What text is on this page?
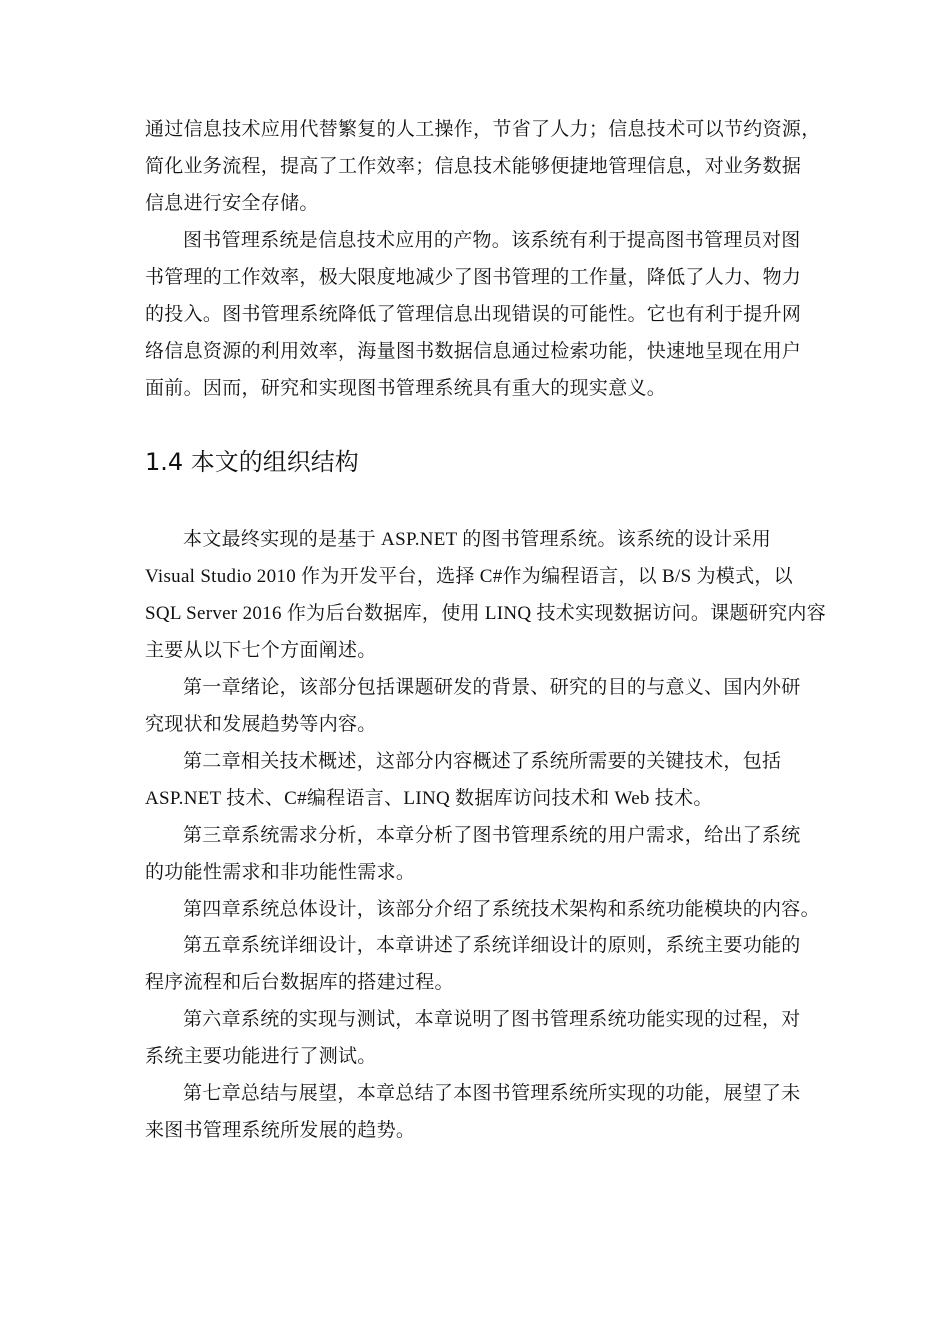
通过信息技术应用代替繁复的人工操作，节省了人力；信息技术可以节约资源，
简化业务流程，提高了工作效率；信息技术能够便捷地管理信息，对业务数据
信息进行安全存储。
图书管理系统是信息技术应用的产物。该系统有利于提高图书管理员对图
书管理的工作效率，极大限度地减少了图书管理的工作量，降低了人力、物力
的投入。图书管理系统降低了管理信息出现错误的可能性。它也有利于提升网
络信息资源的利用效率，海量图书数据信息通过检索功能，快速地呈现在用户
面前。因而，研究和实现图书管理系统具有重大的现实意义。
1.4 本文的组织结构
本文最终实现的是基于 ASP.NET 的图书管理系统。该系统的设计采用
Visual Studio 2010 作为开发平台，选择 C#作为编程语言，以 B/S 为模式，以
SQL Server 2016 作为后台数据库，使用 LINQ 技术实现数据访问。课题研究内容
主要从以下七个方面阐述。
第一章绪论，该部分包括课题研发的背景、研究的目的与意义、国内外研
究现状和发展趋势等内容。
第二章相关技术概述，这部分内容概述了系统所需要的关键技术，包括
ASP.NET 技术、C#编程语言、LINQ 数据库访问技术和 Web 技术。
第三章系统需求分析，本章分析了图书管理系统的用户需求，给出了系统
的功能性需求和非功能性需求。
第四章系统总体设计，该部分介绍了系统技术架构和系统功能模块的内容。
第五章系统详细设计，本章讲述了系统详细设计的原则，系统主要功能的
程序流程和后台数据库的搭建过程。
第六章系统的实现与测试，本章说明了图书管理系统功能实现的过程，对
系统主要功能进行了测试。
第七章总结与展望，本章总结了本图书管理系统所实现的功能，展望了未
来图书管理系统所发展的趋势。
